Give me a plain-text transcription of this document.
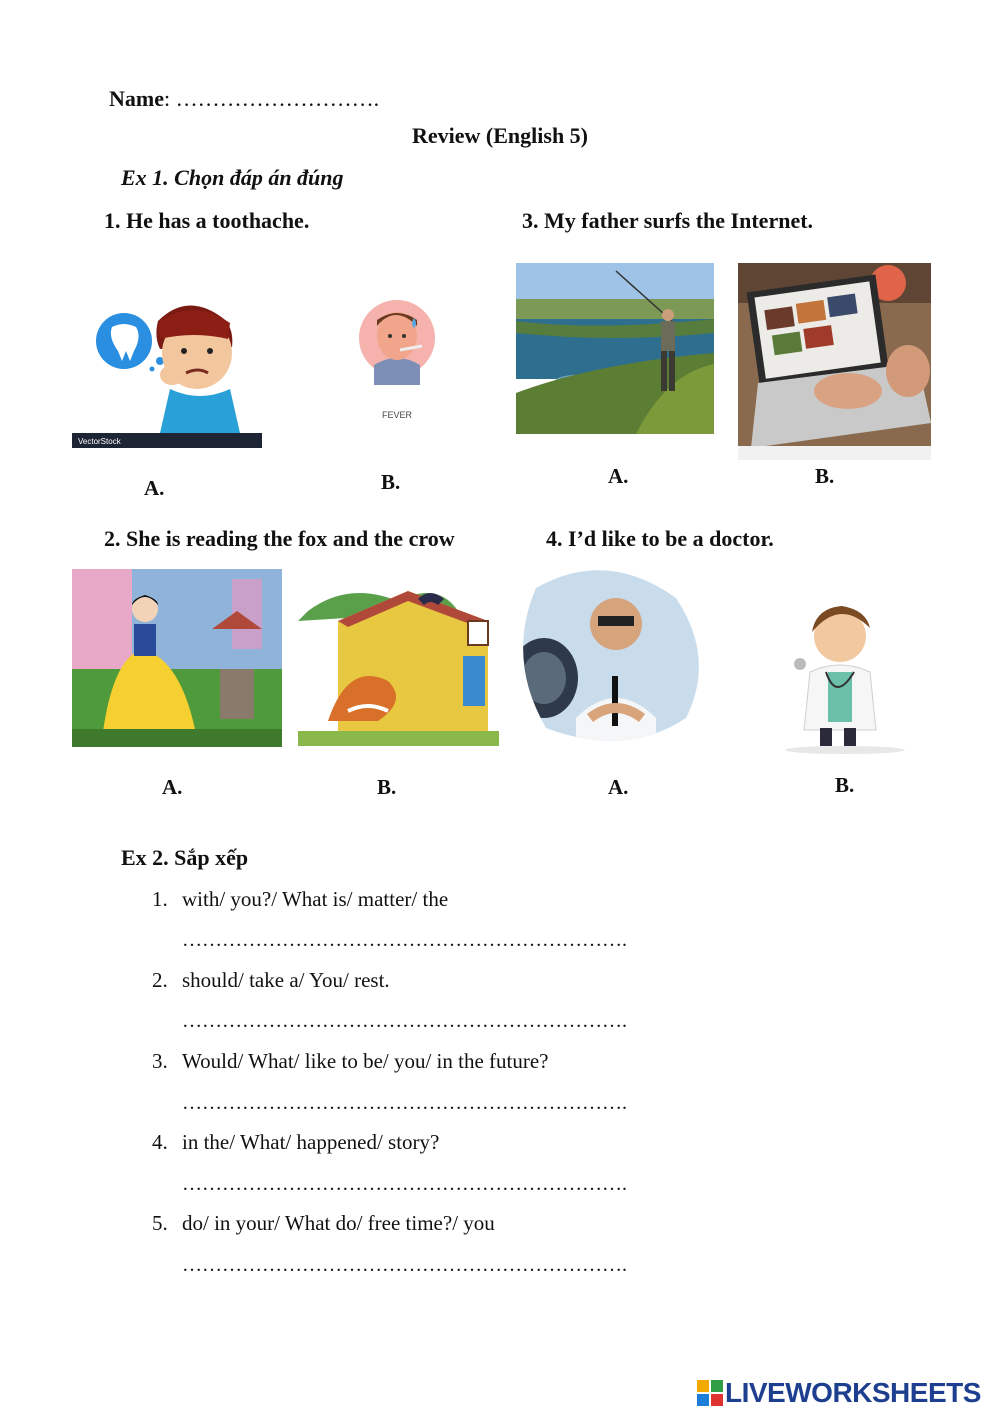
Name: ……………………….
Review (English 5)
Ex 1. Chọn đáp án đúng
1. He has a toothache.
VectorStock
FEVER
A.	B.
3. My father surfs the Internet.
A.	B.
2. She is reading the fox and the crow
A.	B.
4. I’d like to be a doctor.
A.	B.
Ex 2. Sắp xếp
1. with/ you?/ What is/ matter/ the
………………………………………………………….
2. should/ take a/ You/ rest.
………………………………………………………….
3. Would/ What/ like to be/ you/ in the future?
………………………………………………………….
4. in the/ What/ happened/ story?
………………………………………………………….
5. do/ in your/ What do/ free time?/ you
………………………………………………………….
LIVEWORKSHEETS
